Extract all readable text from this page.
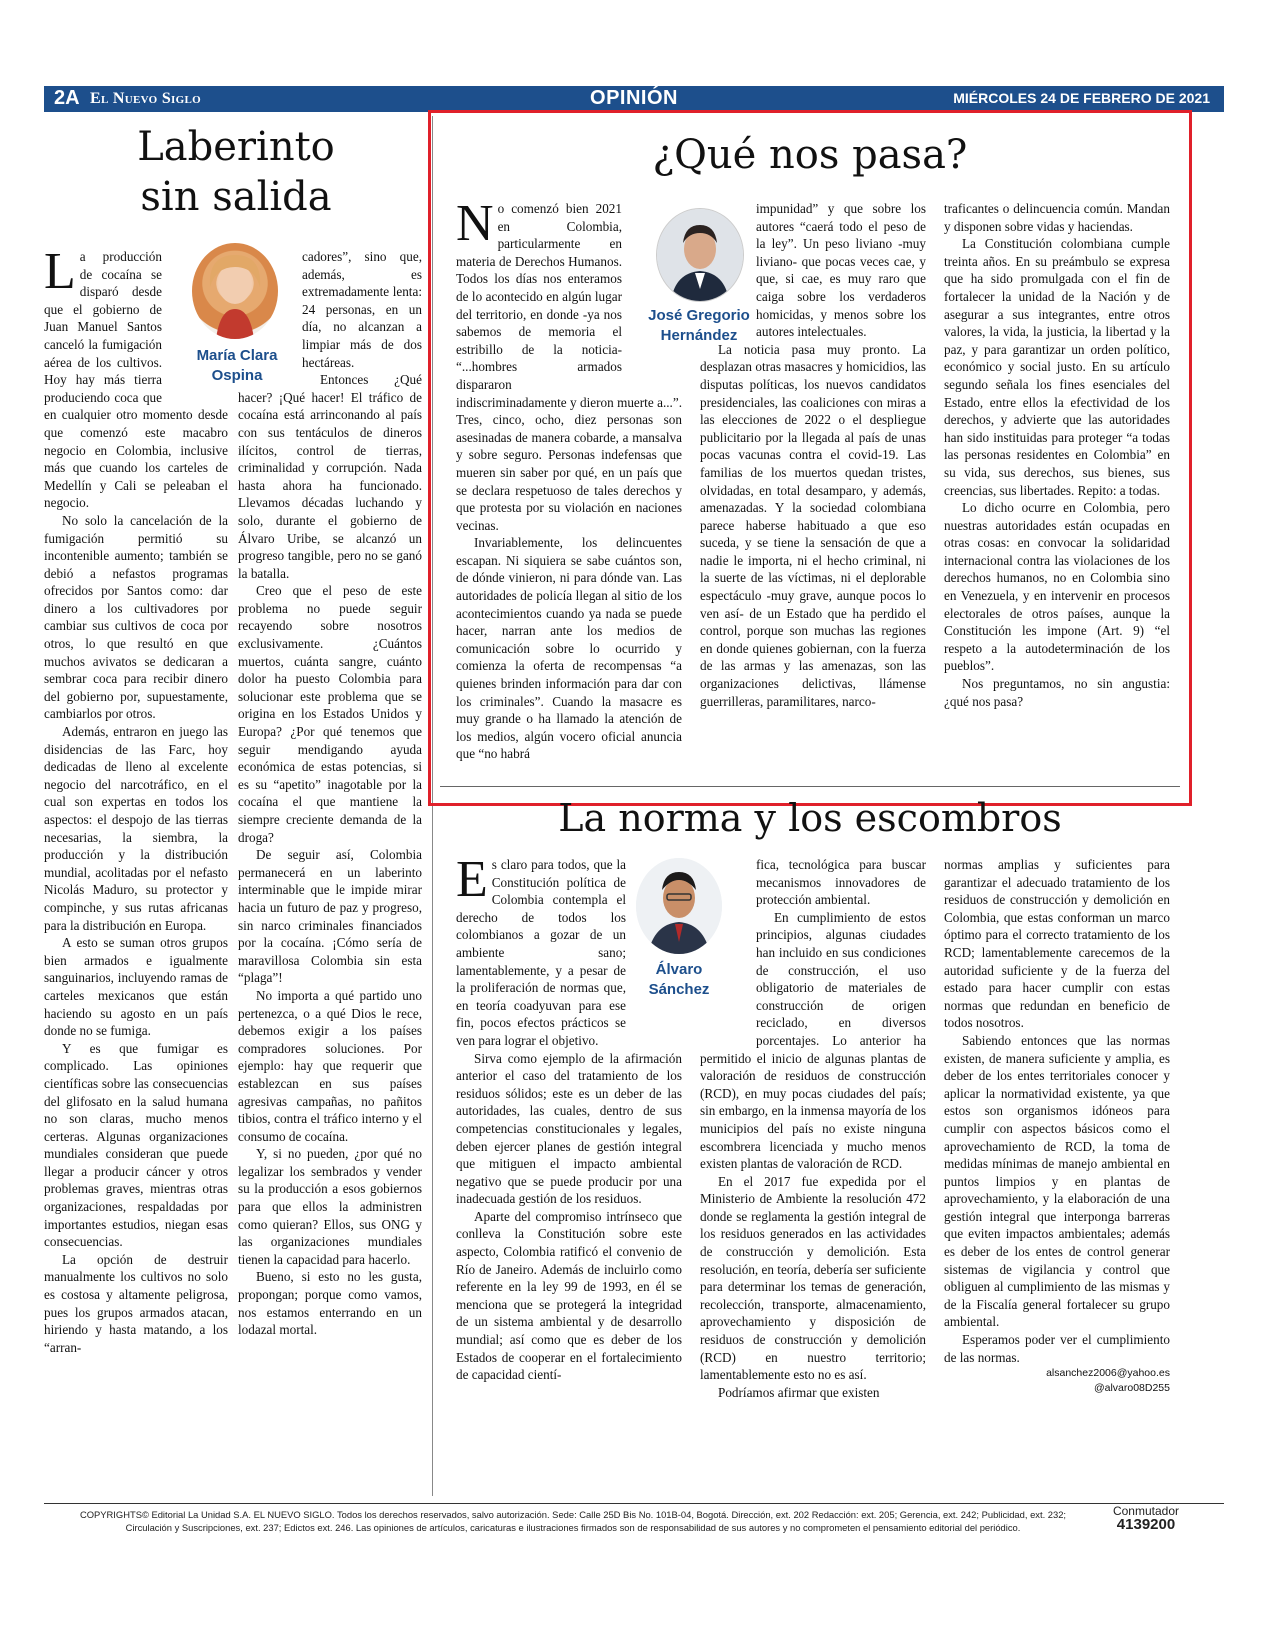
2A El Nuevo Siglo	OPINIÓN	MIÉRCOLES 24 DE FEBRERO DE 2021
Laberinto
sin salida
María Clara
Ospina

La producción de cocaína se disparó desde que el gobierno de Juan Manuel Santos canceló la fumigación aérea de los cultivos. Hoy hay más tierra produciendo coca que en cualquier otro momento desde que comenzó este macabro negocio en Colombia, inclusive más que cuando los carteles de Medellín y Cali se peleaban el negocio.

No solo la cancelación de la fumigación permitió su incontenible aumento; también se debió a nefastos programas ofrecidos por Santos como: dar dinero a los cultivadores por cambiar sus cultivos de coca por otros, lo que resultó en que muchos avivatos se dedicaran a sembrar coca para recibir dinero del gobierno por, supuestamente, cambiarlos por otros.

Además, entraron en juego las disidencias de las Farc, hoy dedicadas de lleno al excelente negocio del narcotráfico, en el cual son expertas en todos los aspectos: el despojo de las tierras necesarias, la siembra, la producción y la distribución mundial, acolitadas por el nefasto Nicolás Maduro, su protector y compinche, y sus rutas africanas para la distribución en Europa.

A esto se suman otros grupos bien armados e igualmente sanguinarios, incluyendo ramas de carteles mexicanos que están haciendo su agosto en un país donde no se fumiga.

Y es que fumigar es complicado. Las opiniones científicas sobre las consecuencias del glifosato en la salud humana no son claras, mucho menos certeras. Algunas organizaciones mundiales consideran que puede llegar a producir cáncer y otros problemas graves, mientras otras organizaciones, respaldadas por importantes estudios, niegan esas consecuencias.

La opción de destruir manualmente los cultivos no solo es costosa y altamente peligrosa, pues los grupos armados atacan, hiriendo y hasta matando, a los “arran-

cadores”, sino que, además, es extremadamente lenta: 24 personas, en un día, no alcanzan a limpiar más de dos hectáreas.

Entonces ¿Qué hacer? ¡Qué hacer! El tráfico de cocaína está arrinconando al país con sus tentáculos de dineros ilícitos, control de tierras, criminalidad y corrupción. Nada hasta ahora ha funcionado. Llevamos décadas luchando y solo, durante el gobierno de Álvaro Uribe, se alcanzó un progreso tangible, pero no se ganó la batalla.

Creo que el peso de este problema no puede seguir recayendo sobre nosotros exclusivamente. ¿Cuántos muertos, cuánta sangre, cuánto dolor ha puesto Colombia para solucionar este problema que se origina en los Estados Unidos y Europa? ¿Por qué tenemos que seguir mendigando ayuda económica de estas potencias, si es su “apetito” inagotable por la cocaína el que mantiene la siempre creciente demanda de la droga?

De seguir así, Colombia permanecerá en un laberinto interminable que le impide mirar hacia un futuro de paz y progreso, sin narco criminales financiados por la cocaína. ¡Cómo sería de maravillosa Colombia sin esta “plaga”!

No importa a qué partido uno pertenezca, o a qué Dios le rece, debemos exigir a los países compradores soluciones. Por ejemplo: hay que requerir que establezcan en sus países agresivas campañas, no pañitos tibios, contra el tráfico interno y el consumo de cocaína.

Y, si no pueden, ¿por qué no legalizar los sembrados y vender su la producción a esos gobiernos para que ellos la administren como quieran? Ellos, sus ONG y las organizaciones mundiales tienen la capacidad para hacerlo.

Bueno, si esto no les gusta, propongan; porque como vamos, nos estamos enterrando en un lodazal mortal.

¿Qué nos pasa?
José Gregorio
Hernández

No comenzó bien 2021 en Colombia, particularmente en materia de Derechos Humanos. Todos los días nos enteramos de lo acontecido en algún lugar del territorio, en donde -ya nos sabemos de memoria el estribillo de la noticia- “...hombres armados dispararon indiscriminadamente y dieron muerte a...”. Tres, cinco, ocho, diez personas son asesinadas de manera cobarde, a mansalva y sobre seguro. Personas indefensas que mueren sin saber por qué, en un país que se declara respetuoso de tales derechos y que protesta por su violación en naciones vecinas.

Invariablemente, los delincuentes escapan. Ni siquiera se sabe cuántos son, de dónde vinieron, ni para dónde van. Las autoridades de policía llegan al sitio de los acontecimientos cuando ya nada se puede hacer, narran ante los medios de comunicación sobre lo ocurrido y comienza la oferta de recompensas “a quienes brinden información para dar con los criminales”. Cuando la masacre es muy grande o ha llamado la atención de los medios, algún vocero oficial anuncia que “no habrá

impunidad” y que sobre los autores “caerá todo el peso de la ley”. Un peso liviano -muy liviano- que pocas veces cae, y que, si cae, es muy raro que caiga sobre los verdaderos homicidas, y menos sobre los autores intelectuales.

La noticia pasa muy pronto. La desplazan otras masacres y homicidios, las disputas políticas, los nuevos candidatos presidenciales, las coaliciones con miras a las elecciones de 2022 o el despliegue publicitario por la llegada al país de unas pocas vacunas contra el covid-19. Las familias de los muertos quedan tristes, olvidadas, en total desamparo, y además, amenazadas. Y la sociedad colombiana parece haberse habituado a que eso suceda, y se tiene la sensación de que a nadie le importa, ni el hecho criminal, ni la suerte de las víctimas, ni el deplorable espectáculo -muy grave, aunque pocos lo ven así- de un Estado que ha perdido el control, porque son muchas las regiones en donde quienes gobiernan, con la fuerza de las armas y las amenazas, son las organizaciones delictivas, llámense guerrilleras, paramilitares, narco-

traficantes o delincuencia común. Mandan y disponen sobre vidas y haciendas.

La Constitución colombiana cumple treinta años. En su preámbulo se expresa que ha sido promulgada con el fin de fortalecer la unidad de la Nación y de asegurar a sus integrantes, entre otros valores, la vida, la justicia, la libertad y la paz, y para garantizar un orden político, económico y social justo. En su artículo segundo señala los fines esenciales del Estado, entre ellos la efectividad de los derechos, y advierte que las autoridades han sido instituidas para proteger “a todas las personas residentes en Colombia” en su vida, sus derechos, sus bienes, sus creencias, sus libertades. Repito: a todas.

Lo dicho ocurre en Colombia, pero nuestras autoridades están ocupadas en otras cosas: en convocar la solidaridad internacional contra las violaciones de los derechos humanos, no en Colombia sino en Venezuela, y en intervenir en procesos electorales de otros países, aunque la Constitución les impone (Art. 9) “el respeto a la autodeterminación de los pueblos”.

Nos preguntamos, no sin angustia: ¿qué nos pasa?

La norma y los escombros
Álvaro
Sánchez

Es claro para todos, que la Constitución política de Colombia contempla el derecho de todos los colombianos a gozar de un ambiente sano; lamentablemente, y a pesar de la proliferación de normas que, en teoría coadyuvan para ese fin, pocos efectos prácticos se ven para lograr el objetivo.

Sirva como ejemplo de la afirmación anterior el caso del tratamiento de los residuos sólidos; este es un deber de las autoridades, las cuales, dentro de sus competencias constitucionales y legales, deben ejercer planes de gestión integral que mitiguen el impacto ambiental negativo que se puede producir por una inadecuada gestión de los residuos.

Aparte del compromiso intrínseco que conlleva la Constitución sobre este aspecto, Colombia ratificó el convenio de Río de Janeiro. Además de incluirlo como referente en la ley 99 de 1993, en él se menciona que se protegerá la integridad de un sistema ambiental y de desarrollo mundial; así como que es deber de los Estados de cooperar en el fortalecimiento de capacidad cientí-

fica, tecnológica para buscar mecanismos innovadores de protección ambiental.

En cumplimiento de estos principios, algunas ciudades han incluido en sus condiciones de construcción, el uso obligatorio de materiales de construcción de origen reciclado, en diversos porcentajes. Lo anterior ha permitido el inicio de algunas plantas de valoración de residuos de construcción (RCD), en muy pocas ciudades del país; sin embargo, en la inmensa mayoría de los municipios del país no existe ninguna escombrera licenciada y mucho menos existen plantas de valoración de RCD.

En el 2017 fue expedida por el Ministerio de Ambiente la resolución 472 donde se reglamenta la gestión integral de los residuos generados en las actividades de construcción y demolición. Esta resolución, en teoría, debería ser suficiente para determinar los temas de generación, recolección, transporte, almacenamiento, aprovechamiento y disposición de residuos de construcción y demolición (RCD) en nuestro territorio; lamentablemente esto no es así.

Podríamos afirmar que existen

normas amplias y suficientes para garantizar el adecuado tratamiento de los residuos de construcción y demolición en Colombia, que estas conforman un marco óptimo para el correcto tratamiento de los RCD; lamentablemente carecemos de la autoridad suficiente y de la fuerza del estado para hacer cumplir con estas normas que redundan en beneficio de todos nosotros.

Sabiendo entonces que las normas existen, de manera suficiente y amplia, es deber de los entes territoriales conocer y aplicar la normatividad existente, ya que estos son organismos idóneos para cumplir con aspectos básicos como el aprovechamiento de RCD, la toma de medidas mínimas de manejo ambiental en puntos limpios y en plantas de aprovechamiento, y la elaboración de una gestión integral que interponga barreras que eviten impactos ambientales; además es deber de los entes de control generar sistemas de vigilancia y control que obliguen al cumplimiento de las mismas y de la Fiscalía general fortalecer su grupo ambiental.

Esperamos poder ver el cumplimiento de las normas.

alsanchez2006@yahoo.es
@alvaro08D255
COPYRIGHTS© Editorial La Unidad S.A. EL NUEVO SIGLO. Todos los derechos reservados, salvo autorización. Sede: Calle 25D Bis No. 101B-04, Bogotá. Dirección, ext. 202 Redacción: ext. 205; Gerencia, ext. 242; Publicidad, ext. 232;
Circulación y Suscripciones, ext. 237; Edictos ext. 246. Las opiniones de artículos, caricaturas e ilustraciones firmados son de responsabilidad de sus autores y no comprometen el pensamiento editorial del periódico.
Conmutador
4139200
